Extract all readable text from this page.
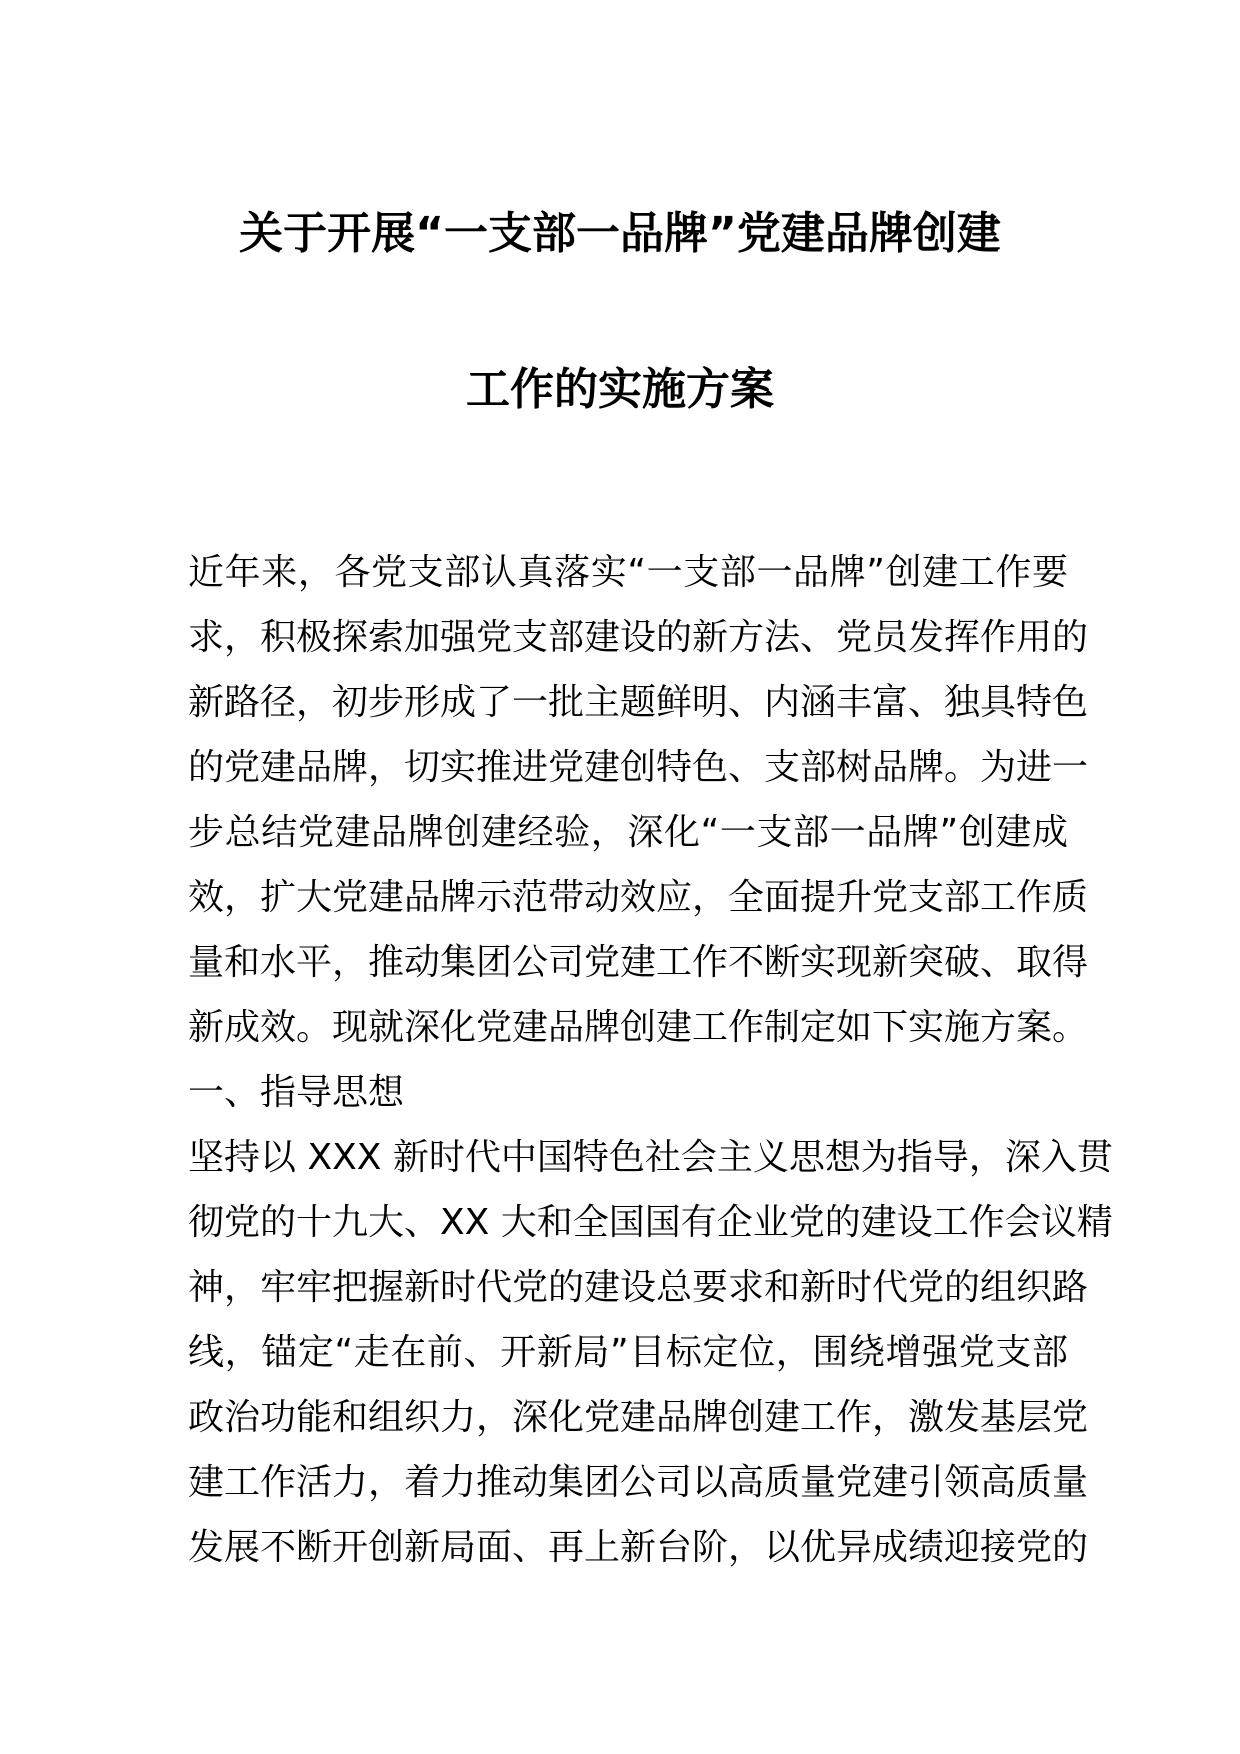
关于开展“一支部一品牌”党建品牌创建
工作的实施方案
近年来，各党支部认真落实“一支部一品牌”创建工作要
求，积极探索加强党支部建设的新方法、党员发挥作用的
新路径，初步形成了一批主题鲜明、内涵丰富、独具特色
的党建品牌，切实推进党建创特色、支部树品牌。为进一
步总结党建品牌创建经验，深化“一支部一品牌”创建成
效，扩大党建品牌示范带动效应，全面提升党支部工作质
量和水平，推动集团公司党建工作不断实现新突破、取得
新成效。现就深化党建品牌创建工作制定如下实施方案。
一、指导思想
坚持以 XXX 新时代中国特色社会主义思想为指导，深入贯
彻党的十九大、XX 大和全国国有企业党的建设工作会议精
神，牢牢把握新时代党的建设总要求和新时代党的组织路
线，锚定“走在前、开新局”目标定位，围绕增强党支部
政治功能和组织力，深化党建品牌创建工作，激发基层党
建工作活力，着力推动集团公司以高质量党建引领高质量
发展不断开创新局面、再上新台阶，以优异成绩迎接党的
